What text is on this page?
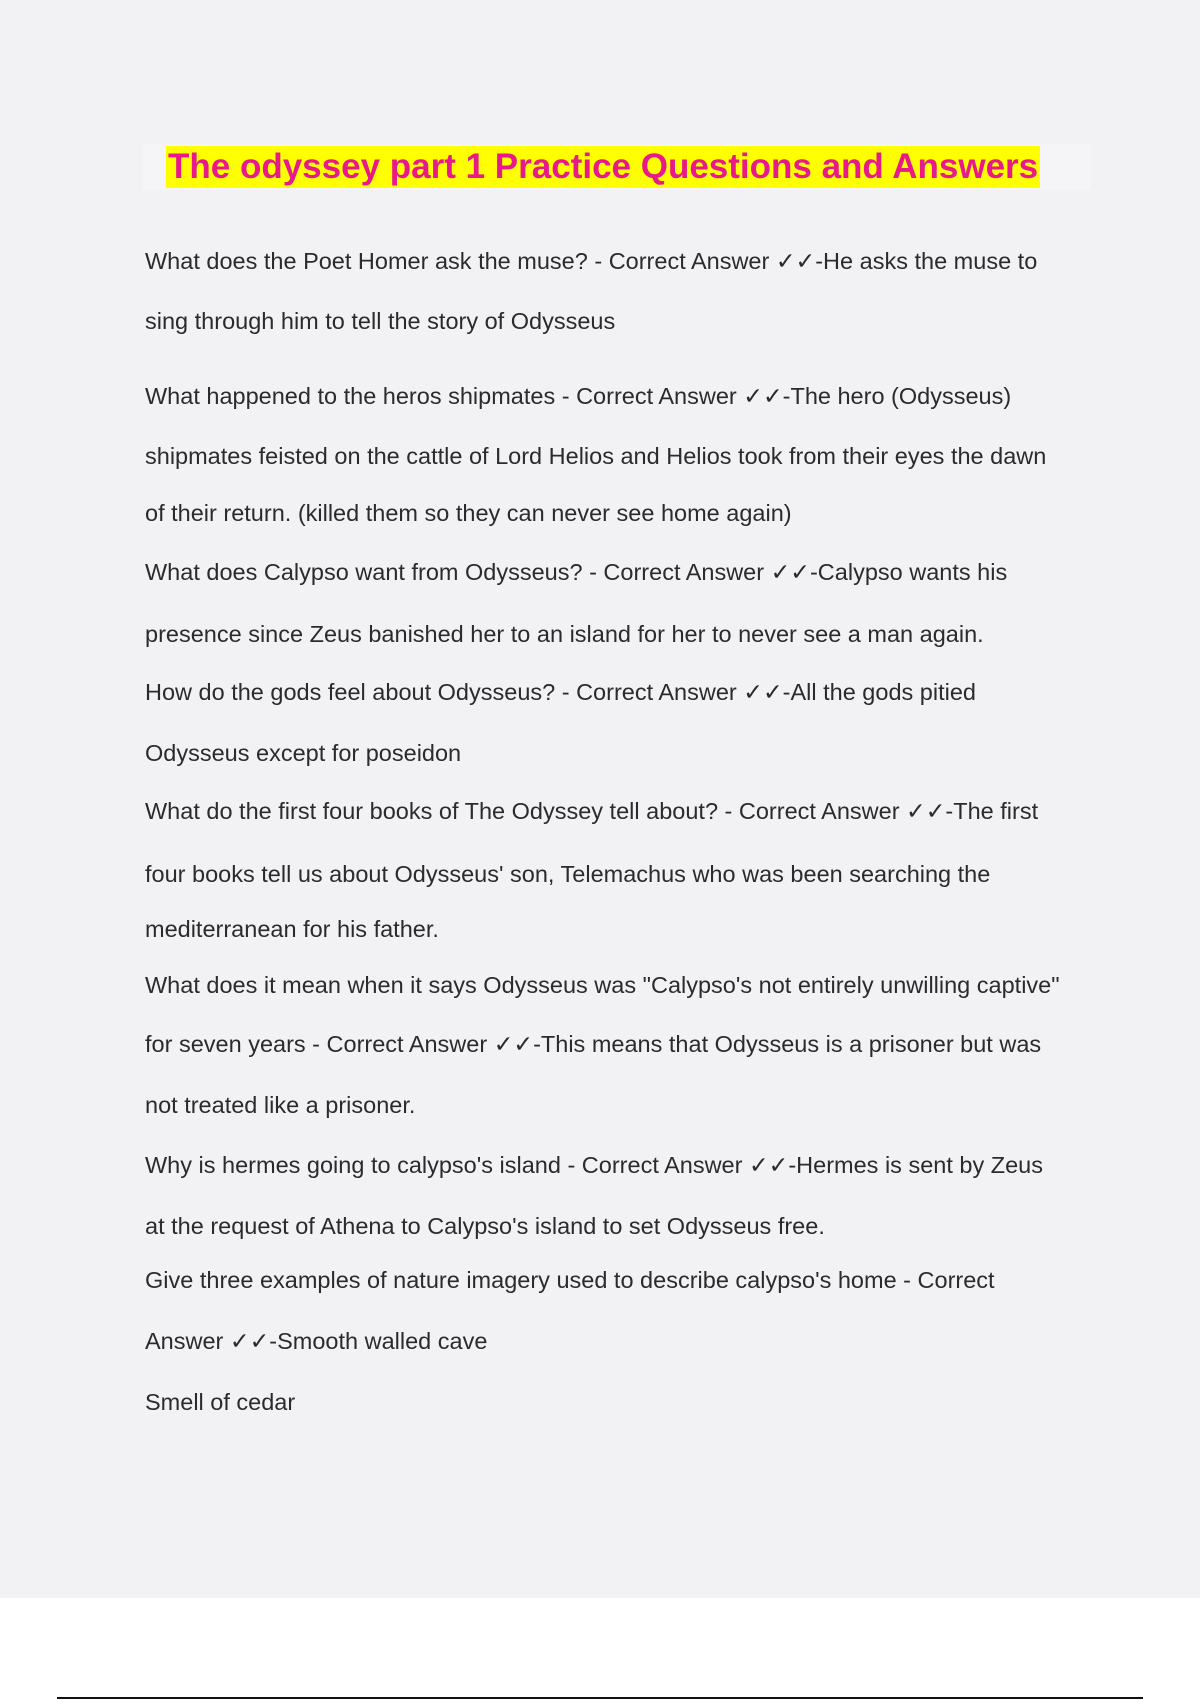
The odyssey part 1 Practice Questions and Answers
What does the Poet Homer ask the muse? - Correct Answer ✓✓-He asks the muse to
sing through him to tell the story of Odysseus
What happened to the heros shipmates - Correct Answer ✓✓-The hero (Odysseus)
shipmates feisted on the cattle of Lord Helios and Helios took from their eyes the dawn
of their return. (killed them so they can never see home again)
What does Calypso want from Odysseus? - Correct Answer ✓✓-Calypso wants his
presence since Zeus banished her to an island for her to never see a man again.
How do the gods feel about Odysseus? - Correct Answer ✓✓-All the gods pitied
Odysseus except for poseidon
What do the first four books of The Odyssey tell about? - Correct Answer ✓✓-The first
four books tell us about Odysseus' son, Telemachus who was been searching the
mediterranean for his father.
What does it mean when it says Odysseus was "Calypso's not entirely unwilling captive"
for seven years - Correct Answer ✓✓-This means that Odysseus is a prisoner but was
not treated like a prisoner.
Why is hermes going to calypso's island - Correct Answer ✓✓-Hermes is sent by Zeus
at the request of Athena to Calypso's island to set Odysseus free.
Give three examples of nature imagery used to describe calypso's home - Correct
Answer ✓✓-Smooth walled cave
Smell of cedar
